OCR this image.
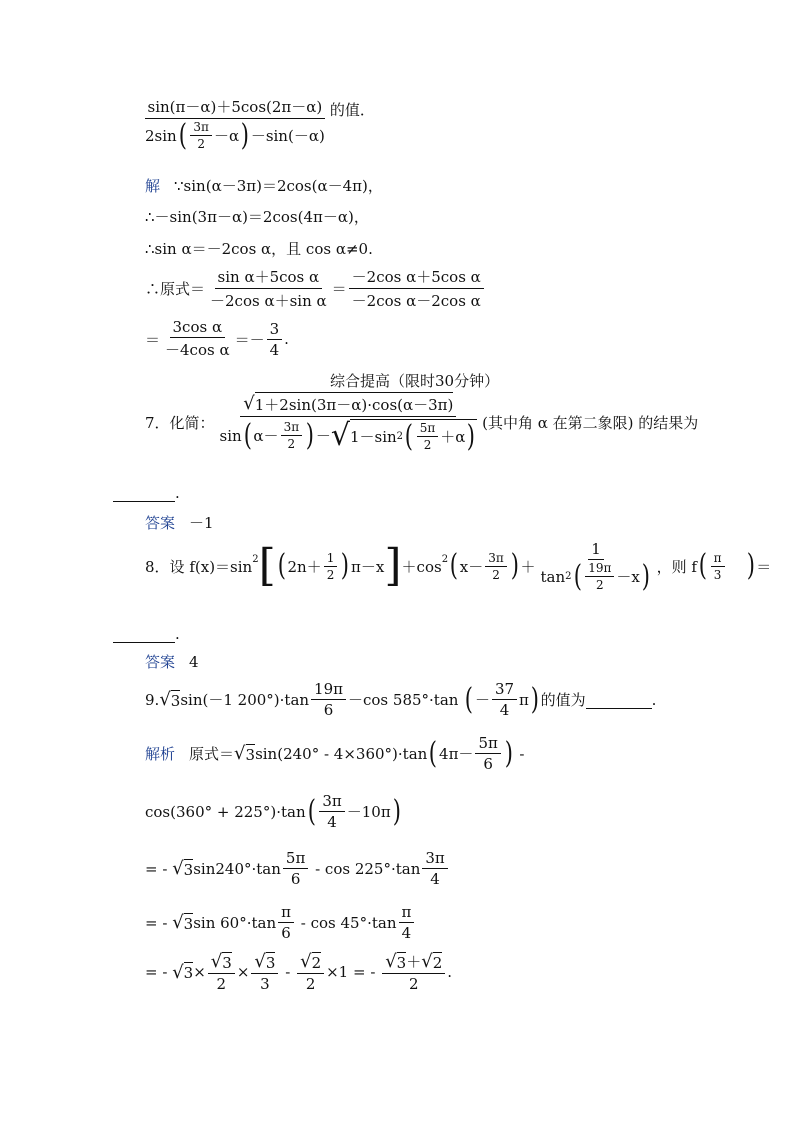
$\frac{\sin(\pi-\alpha)+5\cos(2\pi-\alpha)}{2\sin ( \frac{3\pi}{2} -\alpha ) -\sin(-\alpha)}$ 的值．
解 ∵sin(α－3π)＝2cos(α－4π)，
∴－sin(3π－α)＝2cos(4π－α)，
∴sin α＝－2cos α，且 cos α≠0.
∴原式＝ $\frac{\text{sin α＋5cos α}}{\text{－2cos α＋sin α}} = \frac{\text{－2cos α＋5cos α}}{\text{－2cos α－2cos α}}$
＝ $\frac{\text{3cos α}}{\text{－4cos α}} =- \frac{3}{4}$ .
综合提高（限时30分钟）
7．化简：
√ 1＋2sin(3π－α)·cos(α－3π)
sin ( $\alpha- \frac{3\pi}{2}$ ) － √ 1－sin 2 ( $\frac{5\pi}{2} +\alpha$ ) (其中角 α 在第二象限) 的结果为

.
答案 －1
8．设
$f(x)=\sin^2$ [ ( $2n+ \frac{1}{2}$ ) π－x ] $+\cos^2$ ( $x- \frac{3\pi}{2}$ ) ＋ $\frac{1}{\tan 2 ( \frac{19\pi}{2} -x )}$ ，则 f ( $\frac{\pi}{3}$ ) ＝

.
答案 4
9. √ 3 sin(－1 $200^\circ)\cdot\tan \frac{19\pi}{6} -\cos$ 585°·tan
( － $\frac{37}{4}$ π ) 的值为
	.
解析 原式＝ √ 3 sin(240° - 4×360°)·tan ( $4\pi- \frac{5\pi}{6}$ )
-
cos(360° + 225°)·tan ( $\frac{3\pi}{4} -10\pi$ )
= -
√ 3 $\sin 240^\circ\cdot\tan \frac{5\pi}{6}$
- $\cos 225^\circ\cdot\tan \frac{3\pi}{4}$
= -
√ 3 $\sin 60^\circ\cdot\tan \frac{\pi}{6}$
- $\cos 45^\circ\cdot\tan \frac{\pi}{4}$
= -
√ $3 \times \frac{√ 3}{2} \times \frac{√ 3}{3}$
-
$\frac{√ 2}{2} \times 1$ = -
$\frac{√ 3 + √ 2}{2}$ .
